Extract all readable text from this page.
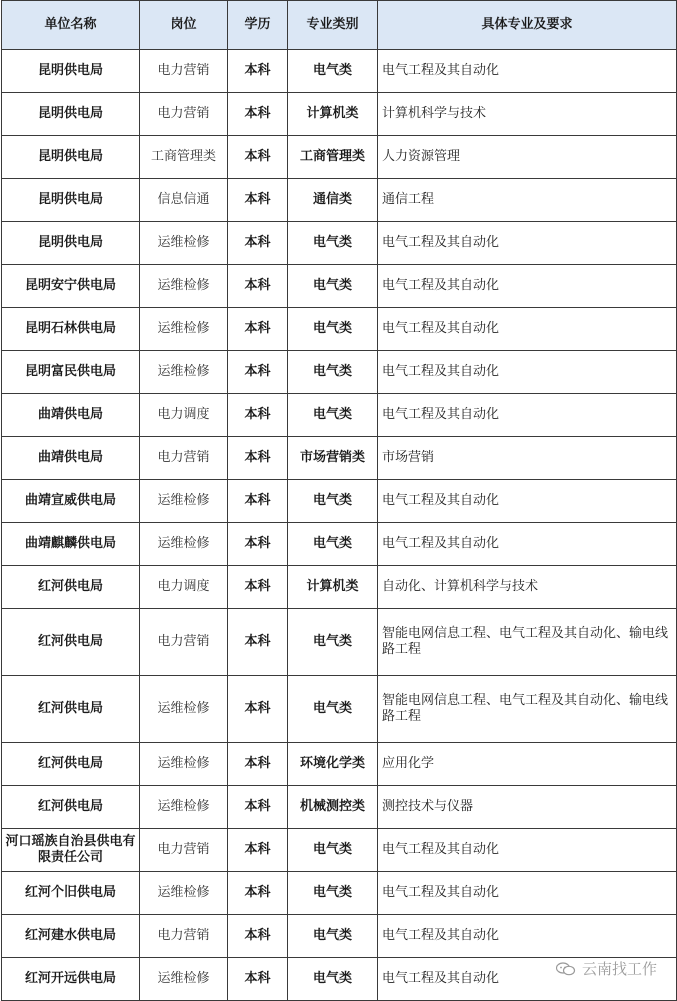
单位名称	岗位	学历	专业类别	具体专业及要求
昆明供电局	电力营销	本科	电气类	电气工程及其自动化
昆明供电局	电力营销	本科	计算机类	计算机科学与技术
昆明供电局	工商管理类	本科	工商管理类	人力资源管理
昆明供电局	信息信通	本科	通信类	通信工程
昆明供电局	运维检修	本科	电气类	电气工程及其自动化
昆明安宁供电局	运维检修	本科	电气类	电气工程及其自动化
昆明石林供电局	运维检修	本科	电气类	电气工程及其自动化
昆明富民供电局	运维检修	本科	电气类	电气工程及其自动化
曲靖供电局	电力调度	本科	电气类	电气工程及其自动化
曲靖供电局	电力营销	本科	市场营销类	市场营销
曲靖宣威供电局	运维检修	本科	电气类	电气工程及其自动化
曲靖麒麟供电局	运维检修	本科	电气类	电气工程及其自动化
红河供电局	电力调度	本科	计算机类	自动化、计算机科学与技术
红河供电局	电力营销	本科	电气类	智能电网信息工程、电气工程及其自动化、输电线路工程
红河供电局	运维检修	本科	电气类	智能电网信息工程、电气工程及其自动化、输电线路工程
红河供电局	运维检修	本科	环境化学类	应用化学
红河供电局	运维检修	本科	机械测控类	测控技术与仪器
河口瑶族自治县供电有限责任公司	电力营销	本科	电气类	电气工程及其自动化
红河个旧供电局	运维检修	本科	电气类	电气工程及其自动化
红河建水供电局	电力营销	本科	电气类	电气工程及其自动化
红河开远供电局	运维检修	本科	电气类	电气工程及其自动化
云南找工作
